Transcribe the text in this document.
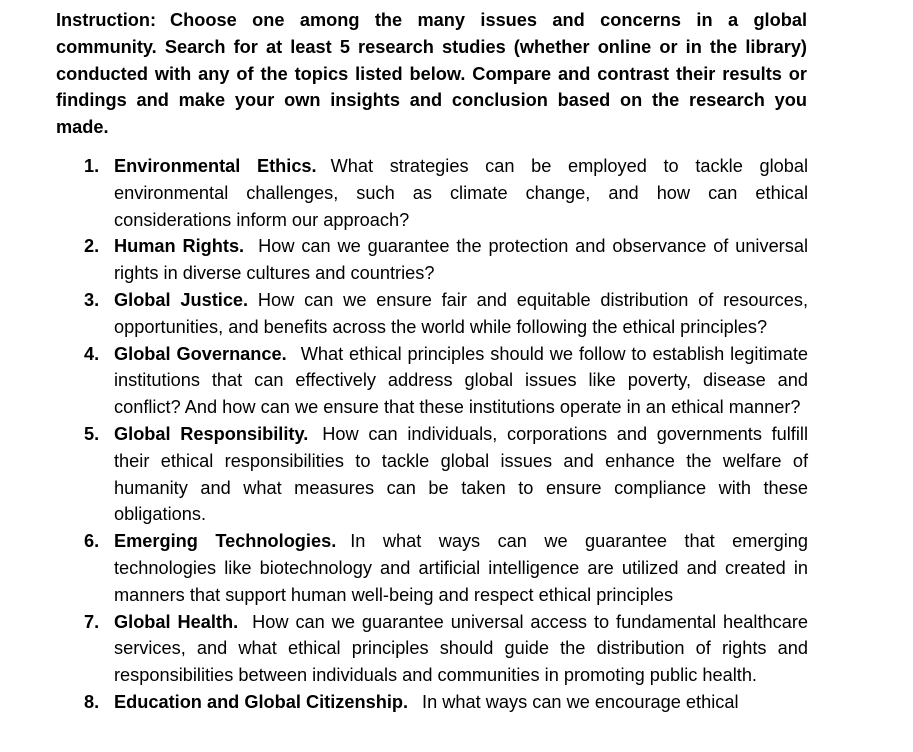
Instruction: Choose one among the many issues and concerns in a global community. Search for at least 5 research studies (whether online or in the library) conducted with any of the topics listed below. Compare and contrast their results or findings and make your own insights and conclusion based on the research you made.

1. Environmental Ethics. What strategies can be employed to tackle global environmental challenges, such as climate change, and how can ethical considerations inform our approach?
2. Human Rights. How can we guarantee the protection and observance of universal rights in diverse cultures and countries?
3. Global Justice. How can we ensure fair and equitable distribution of resources, opportunities, and benefits across the world while following the ethical principles?
4. Global Governance. What ethical principles should we follow to establish legitimate institutions that can effectively address global issues like poverty, disease and conflict? And how can we ensure that these institutions operate in an ethical manner?
5. Global Responsibility. How can individuals, corporations and governments fulfill their ethical responsibilities to tackle global issues and enhance the welfare of humanity and what measures can be taken to ensure compliance with these obligations.
6. Emerging Technologies. In what ways can we guarantee that emerging technologies like biotechnology and artificial intelligence are utilized and created in manners that support human well-being and respect ethical principles
7. Global Health. How can we guarantee universal access to fundamental healthcare services, and what ethical principles should guide the distribution of rights and responsibilities between individuals and communities in promoting public health.
8. Education and Global Citizenship. In what ways can we encourage ethical
